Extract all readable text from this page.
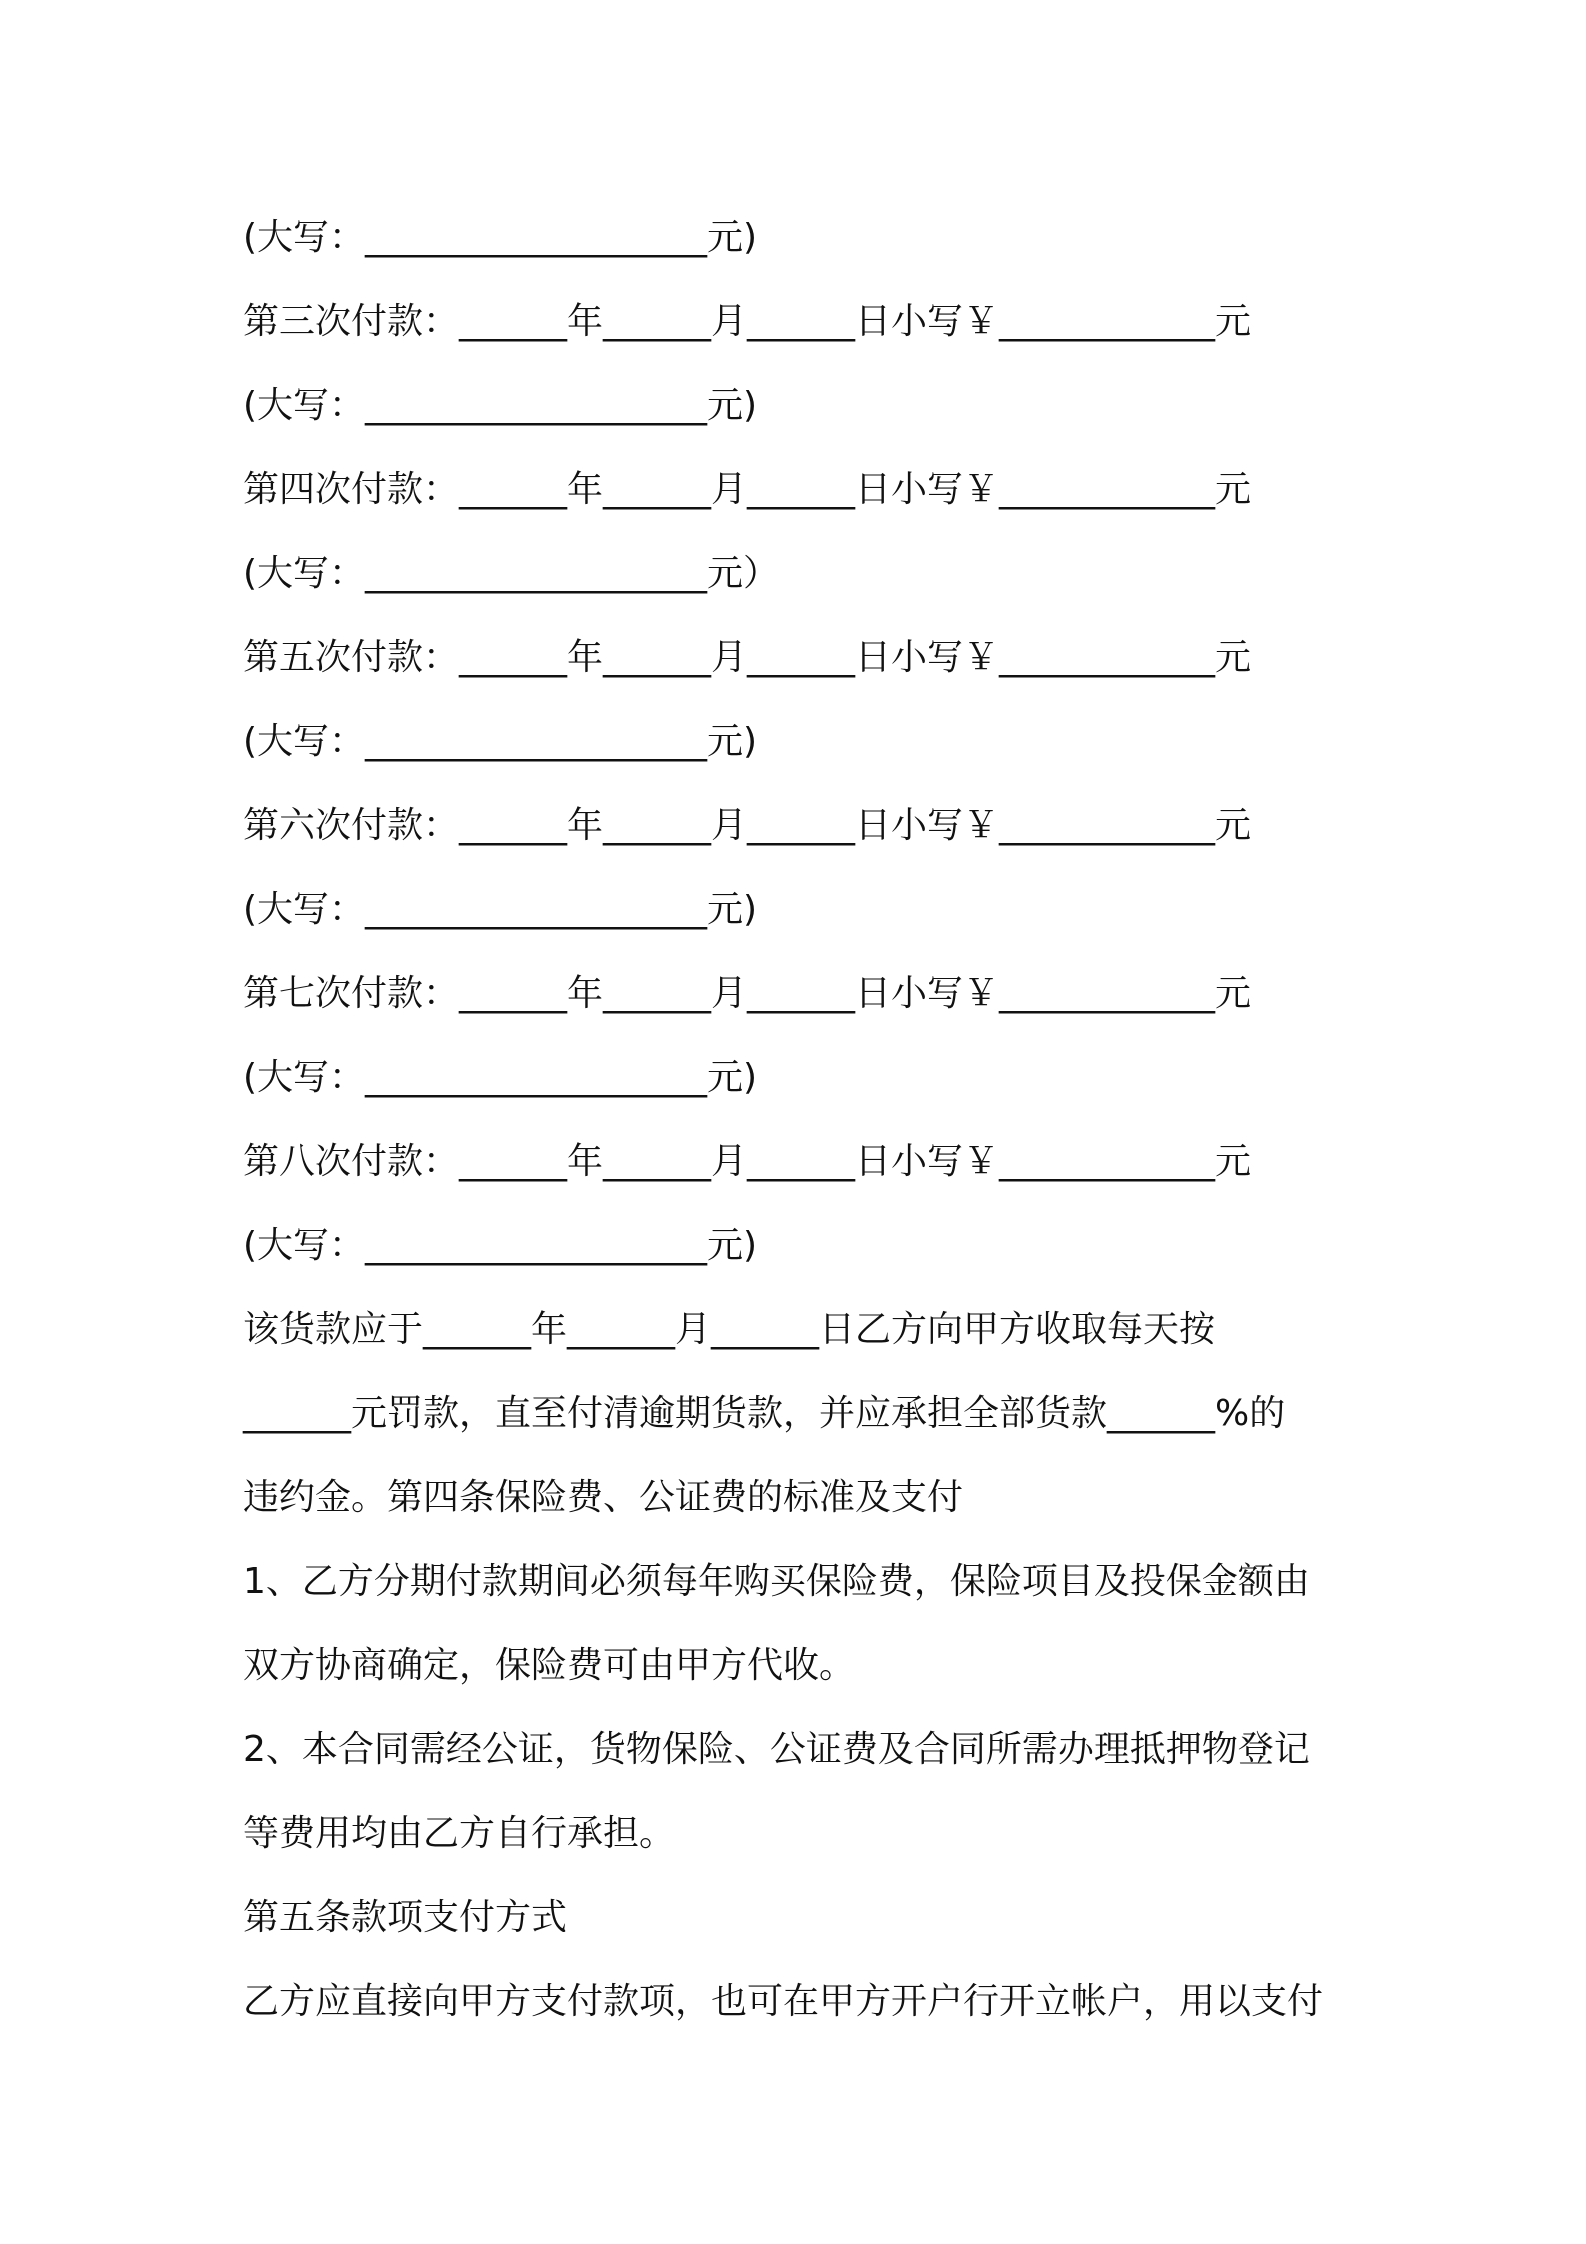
(大写：___________________元)
第三次付款：______年______月______日小写￥____________元
(大写：___________________元)
第四次付款：______年______月______日小写￥____________元
(大写：___________________元）
第五次付款：______年______月______日小写￥____________元
(大写：___________________元)
第六次付款：______年______月______日小写￥____________元
(大写：___________________元)
第七次付款：______年______月______日小写￥____________元
(大写：___________________元)
第八次付款：______年______月______日小写￥____________元
(大写：___________________元)
该货款应于______年______月______日乙方向甲方收取每天按
______元罚款，直至付清逾期货款，并应承担全部货款______%的
违约金。第四条保险费、公证费的标准及支付
1、乙方分期付款期间必须每年购买保险费，保险项目及投保金额由
双方协商确定，保险费可由甲方代收。
2、本合同需经公证，货物保险、公证费及合同所需办理抵押物登记
等费用均由乙方自行承担。
第五条款项支付方式
乙方应直接向甲方支付款项，也可在甲方开户行开立帐户，用以支付
